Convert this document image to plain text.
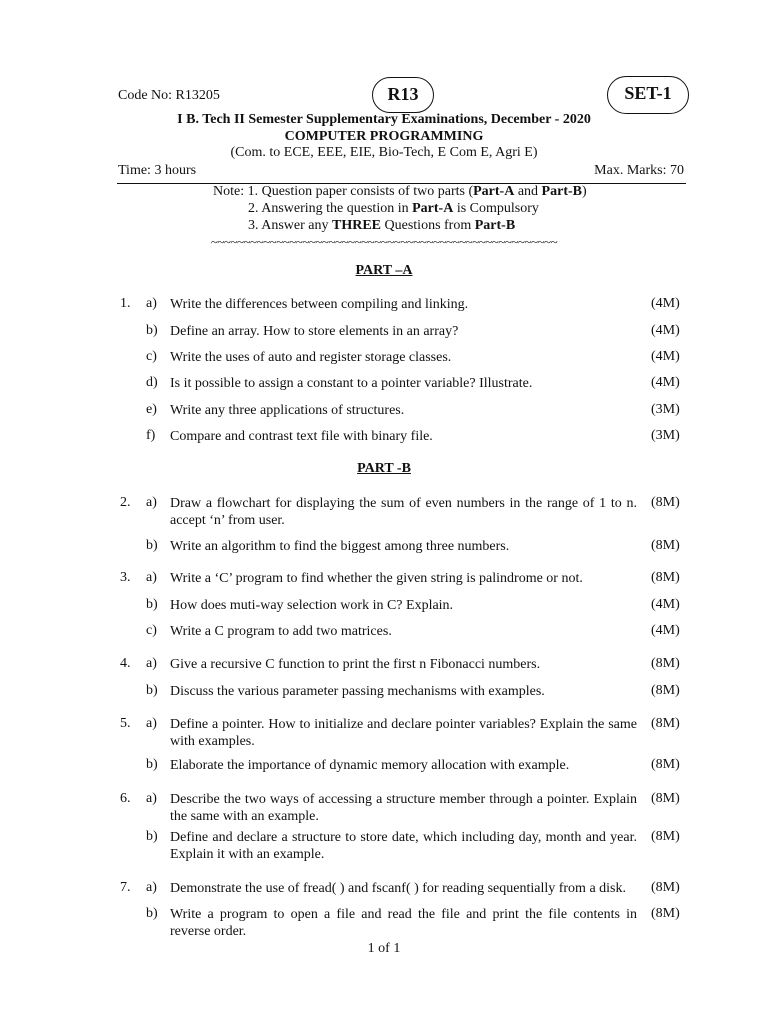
Code No: R13205	R13	SET-1
I B. Tech II Semester Supplementary Examinations, December - 2020
COMPUTER PROGRAMMING
(Com. to ECE, EEE, EIE, Bio-Tech, E Com E, Agri E)
Time: 3 hours	Max. Marks: 70
Note: 1. Question paper consists of two parts (Part-A and Part-B)
2. Answering the question in Part-A is Compulsory
3. Answer any THREE Questions from Part-B
~~~~~~~~~~~~~~~~~~~~~~~~~~~~~~~~~~~~~~~~~~~~~~~~~~~~~
PART –A
1. a) Write the differences between compiling and linking.	(4M)
b) Define an array. How to store elements in an array?	(4M)
c) Write the uses of auto and register storage classes.	(4M)
d) Is it possible to assign a constant to a pointer variable? Illustrate.	(4M)
e) Write any three applications of structures.	(3M)
f) Compare and contrast text file with binary file.	(3M)
PART -B
2. a) Draw a flowchart for displaying the sum of even numbers in the range of 1 to n. accept ‘n’ from user.
(8M)
b) Write an algorithm to find the biggest among three numbers.	(8M)
3. a) Write a ‘C’ program to find whether the given string is palindrome or not.	(8M)
b) How does muti-way selection work in C? Explain.	(4M)
c) Write a C program to add two matrices.	(4M)
4. a) Give a recursive C function to print the first n Fibonacci numbers.	(8M)
b) Discuss the various parameter passing mechanisms with examples.	(8M)
5. a) Define a pointer. How to initialize and declare pointer variables? Explain the same with examples.
(8M)
b) Elaborate the importance of dynamic memory allocation with example.	(8M)
6. a) Describe the two ways of accessing a structure member through a pointer. Explain the same with an example.
(8M)
b) Define and declare a structure to store date, which including day, month and year. Explain it with an example.
(8M)
7. a) Demonstrate the use of fread( ) and fscanf( ) for reading sequentially from a disk.	(8M)
b) Write a program to open a file and read the file and print the file contents in reverse order.
(8M)
1 of 1
